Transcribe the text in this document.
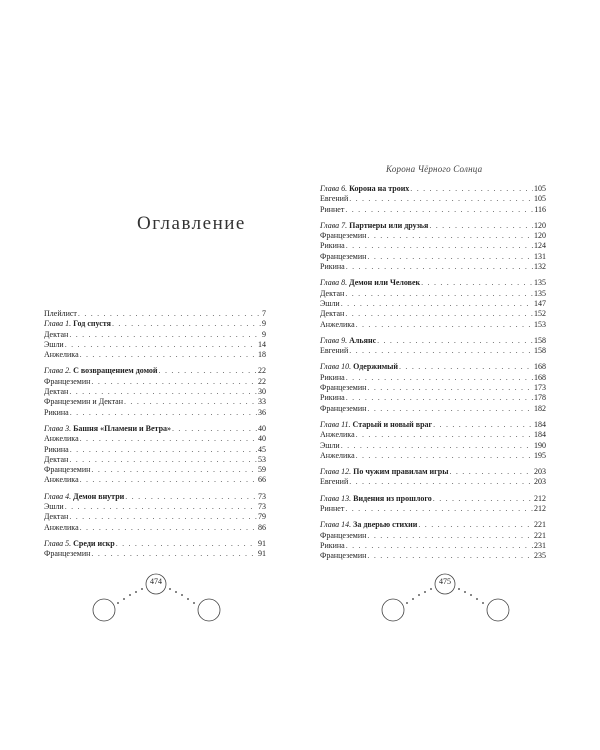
Оглавление
Плейлист . . .	7
Глава 1. Год спустя . . .	9
Дектан . . .	9
Эшли . . .	14
Анжелика . . .	18
Глава 2. С возвращением домой . . .	22
Францеземин . . .	22
Дектан . . .	30
Францеземин и Дектан . . .	33
Рикина . . .	36
Глава 3. Башня «Пламени и Ветра» . . .	40
Анжелика . . .	40
Рикина . . .	45
Дектан . . .	53
Францеземин . . .	59
Анжелика . . .	66
Глава 4. Демон внутри . . .	73
Эшли . . .	73
Дектан . . .	79
Анжелика . . .	86
Глава 5. Среди искр . . .	91
Францеземин . . .	91
474
Корона Чёрного Солнца
Глава 6. Корона на троих . . .	105
Евгений . . .	105
Риннет . . .	116
Глава 7. Партнеры или друзья . . .	120
Францеземин . . .	120
Рикина . . .	124
Францеземин . . .	131
Рикина . . .	132
Глава 8. Демон или Человек . . .	135
Дектан . . .	135
Эшли . . .	147
Дектан . . .	152
Анжелика . . .	153
Глава 9. Альянс . . .	158
Евгений . . .	158
Глава 10. Одержимый . . .	168
Рикина . . .	168
Францеземин . . .	173
Рикина . . .	178
Францеземин . . .	182
Глава 11. Старый и новый враг . . .	184
Анжелика . . .	184
Эшли . . .	190
Анжелика . . .	195
Глава 12. По чужим правилам игры . . .	203
Евгений . . .	203
Глава 13. Видения из прошлого . . .	212
Риннет . . .	212
Глава 14. За дверью стихии . . .	221
Францеземин . . .	221
Рикина . . .	231
Францеземин . . .	235
475
